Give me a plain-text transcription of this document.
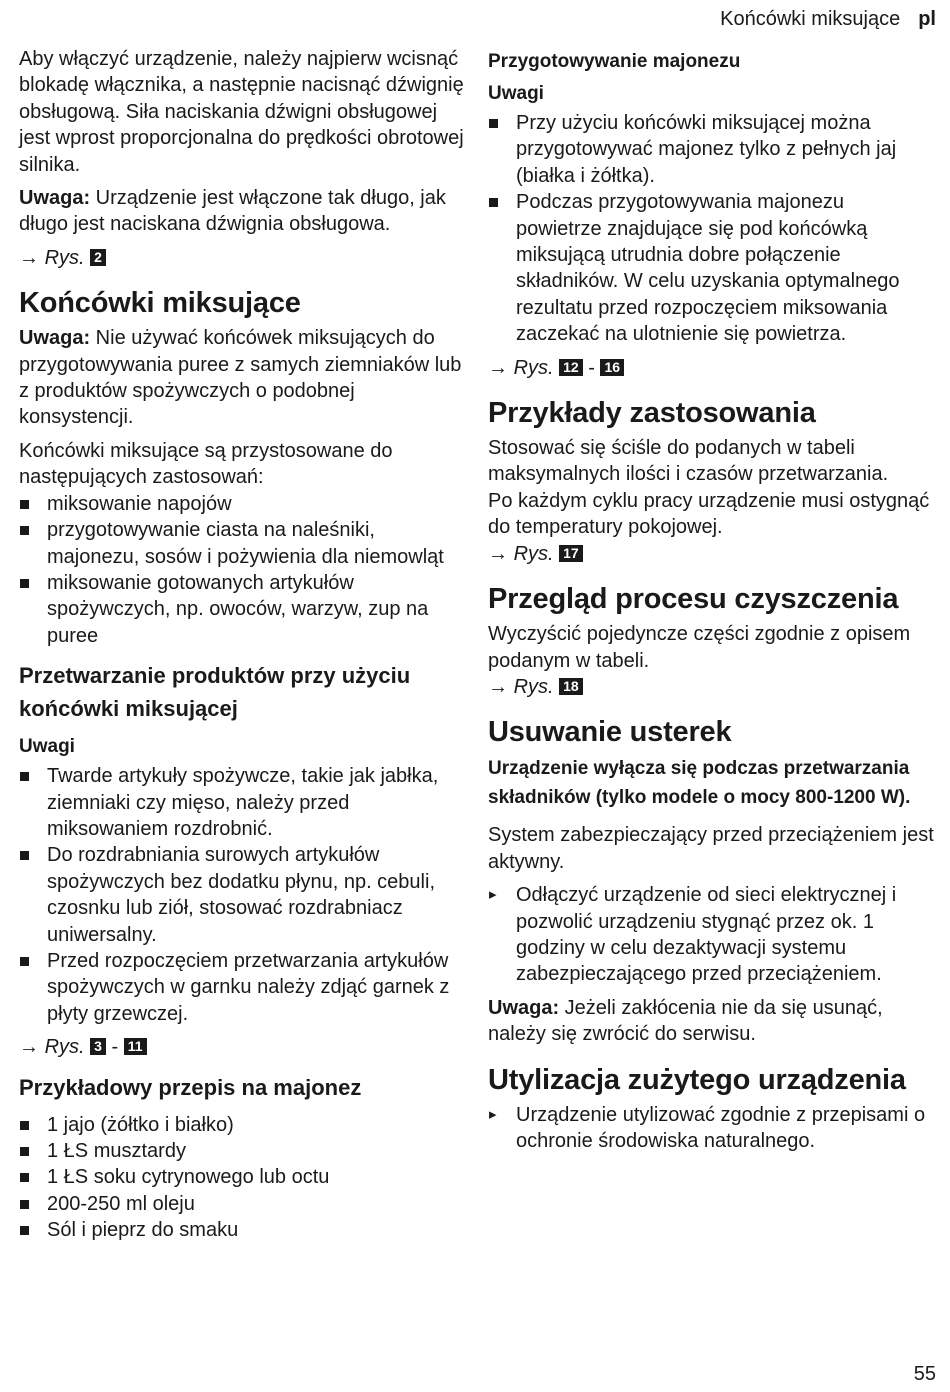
Końcówki miksujące pl

Aby włączyć urządzenie, należy najpierw wcisnąć blokadę włącznika, a następnie nacisnąć dźwignię obsługową. Siła naciskania dźwigni obsługowej jest wprost proporcjonalna do prędkości obrotowej silnika.

Uwaga: Urządzenie jest włączone tak długo, jak długo jest naciskana dźwignia obsługowa.

→ Rys. 2
Końcówki miksujące

Uwaga: Nie używać końcówek miksujących do przygotowywania puree z samych ziemniaków lub z produktów spożywczych o podobnej konsystencji.

Końcówki miksujące są przystosowane do następujących zastosowań:

miksowanie napojów
przygotowywanie ciasta na naleśniki, majonezu, sosów i pożywienia dla niemowląt
miksowanie gotowanych artykułów spożywczych, np. owoców, warzyw, zup na puree
Przetwarzanie produktów przy użyciu końcówki miksującej
Uwagi
Twarde artykuły spożywcze, takie jak jabłka, ziemniaki czy mięso, należy przed miksowaniem rozdrobnić.
Do rozdrabniania surowych artykułów spożywczych bez dodatku płynu, np. cebuli, czosnku lub ziół, stosować rozdrabniacz uniwersalny.
Przed rozpoczęciem przetwarzania artykułów spożywczych w garnku należy zdjąć garnek z płyty grzewczej.
→ Rys. 3 - 11
Przykładowy przepis na majonez
1 jajo (żółtko i białko)
1 ŁS musztardy
1 ŁS soku cytrynowego lub octu
200-250 ml oleju
Sól i pieprz do smaku
Przygotowywanie majonezu
Uwagi
Przy użyciu końcówki miksującej można przygotowywać majonez tylko z pełnych jaj (białka i żółtka).
Podczas przygotowywania majonezu powietrze znajdujące się pod końcówką miksującą utrudnia dobre połączenie składników. W celu uzyskania optymalnego rezultatu przed rozpoczęciem miksowania zaczekać na ulotnienie się powietrza.
→ Rys. 12 - 16
Przykłady zastosowania

Stosować się ściśle do podanych w tabeli maksymalnych ilości i czasów przetwarzania.

Po każdym cyklu pracy urządzenie musi ostygnąć do temperatury pokojowej.

→ Rys. 17
Przegląd procesu czyszczenia

Wyczyścić pojedyncze części zgodnie z opisem podanym w tabeli.

→ Rys. 18
Usuwanie usterek
Urządzenie wyłącza się podczas przetwarzania składników (tylko modele o mocy 800-1200 W).

System zabezpieczający przed przeciążeniem jest aktywny.

▸ Odłączyć urządzenie od sieci elektrycznej i pozwolić urządzeniu stygnąć przez ok. 1 godziny w celu dezaktywacji systemu zabezpieczającego przed przeciążeniem.

Uwaga: Jeżeli zakłócenia nie da się usunąć, należy się zwrócić do serwisu.

Utylizacja zużytego urządzenia
▸ Urządzenie utylizować zgodnie z przepisami o ochronie środowiska naturalnego.
55
